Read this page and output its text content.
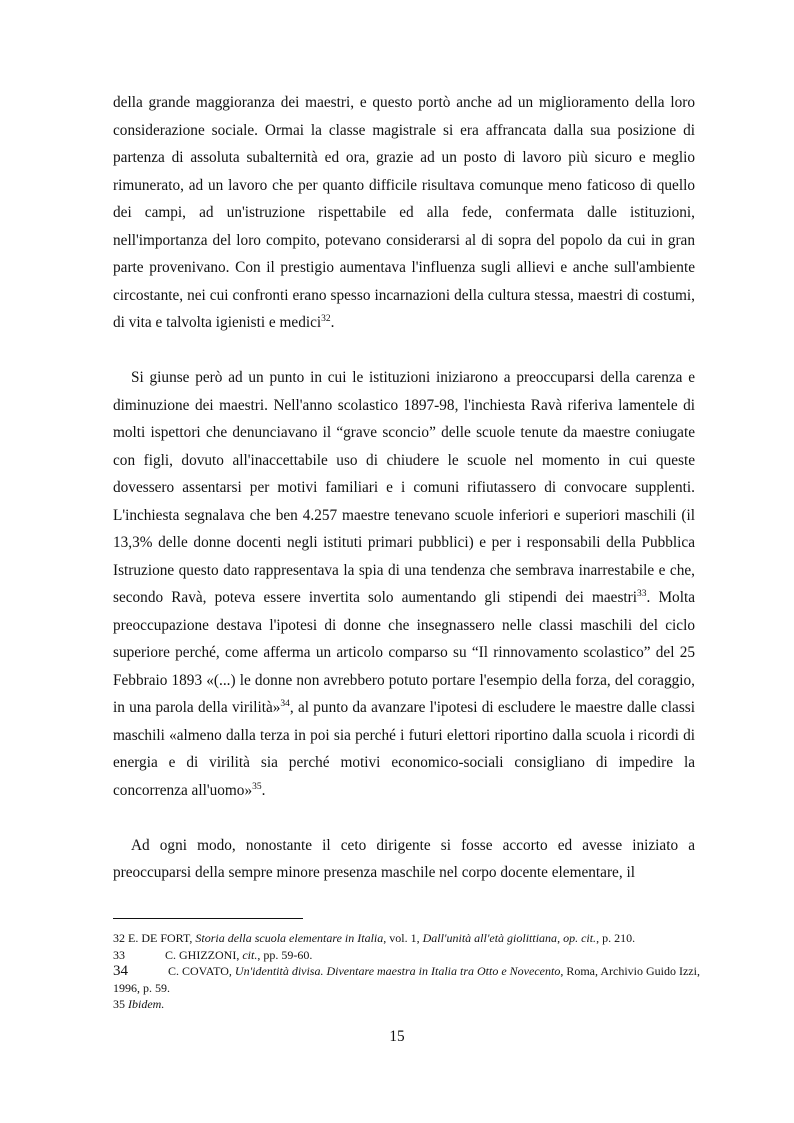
della grande maggioranza dei maestri, e questo portò anche ad un miglioramento della loro considerazione sociale. Ormai la classe magistrale si era affrancata dalla sua posizione di partenza di assoluta subalternità ed ora, grazie ad un posto di lavoro più sicuro e meglio rimunerato, ad un lavoro che per quanto difficile risultava comunque meno faticoso di quello dei campi, ad un'istruzione rispettabile ed alla fede, confermata dalle istituzioni, nell'importanza del loro compito, potevano considerarsi al di sopra del popolo da cui in gran parte provenivano. Con il prestigio aumentava l'influenza sugli allievi e anche sull'ambiente circostante, nei cui confronti erano spesso incarnazioni della cultura stessa, maestri di costumi, di vita e talvolta igienisti e medici$^{32}$.

Si giunse però ad un punto in cui le istituzioni iniziarono a preoccuparsi della carenza e diminuzione dei maestri. Nell'anno scolastico 1897-98, l'inchiesta Ravà riferiva lamentele di molti ispettori che denunciavano il “grave sconcio” delle scuole tenute da maestre coniugate con figli, dovuto all'inaccettabile uso di chiudere le scuole nel momento in cui queste dovessero assentarsi per motivi familiari e i comuni rifiutassero di convocare supplenti. L'inchiesta segnalava che ben 4.257 maestre tenevano scuole inferiori e superiori maschili (il 13,3% delle donne docenti negli istituti primari pubblici) e per i responsabili della Pubblica Istruzione questo dato rappresentava la spia di una tendenza che sembrava inarrestabile e che, secondo Ravà, poteva essere invertita solo aumentando gli stipendi dei maestri$^{33}$. Molta preoccupazione destava l'ipotesi di donne che insegnassero nelle classi maschili del ciclo superiore perché, come afferma un articolo comparso su “Il rinnovamento scolastico” del 25 Febbraio 1893 «(...) le donne non avrebbero potuto portare l'esempio della forza, del coraggio, in una parola della virilità»$^{34}$, al punto da avanzare l'ipotesi di escludere le maestre dalle classi maschili «almeno dalla terza in poi sia perché i futuri elettori riportino dalla scuola i ricordi di energia e di virilità sia perché motivi economico-sociali consigliano di impedire la concorrenza all'uomo»$^{35}$.

Ad ogni modo, nonostante il ceto dirigente si fosse accorto ed avesse iniziato a preoccuparsi della sempre minore presenza maschile nel corpo docente elementare, il

32 E. DE FORT, Storia della scuola elementare in Italia, vol. 1, Dall'unità all'età giolittiana, op. cit., p. 210.
33	C. GHIZZONI, cit., pp. 59-60.
34	C. COVATO, Un'identità divisa. Diventare maestra in Italia tra Otto e Novecento, Roma, Archivio Guido Izzi, 1996, p. 59.
35 Ibidem.
15
